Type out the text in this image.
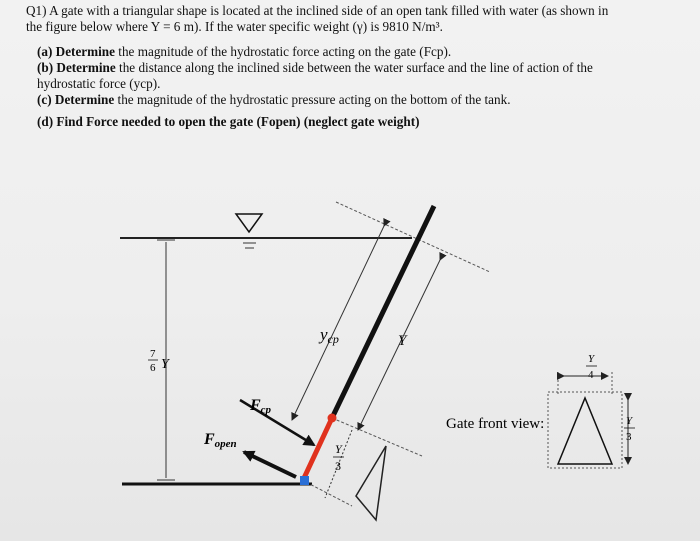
Q1) A gate with a triangular shape is located at the inclined side of an open tank filled with water (as shown in

the figure below where Y = 6 m). If the water specific weight (γ) is 9810 N/m³.

(a) Determine the magnitude of the hydrostatic force acting on the gate (Fcp).

(b) Determine the distance along the inclined side between the water surface and the line of action of the

hydrostatic force (ycp).

(c) Determine the magnitude of the hydrostatic pressure acting on the bottom of the tank.

(d) Find Force needed to open the gate (Fopen) (neglect gate weight)

7
6 Y
ycp	Y
Fcp
Fopen	Y
3
Gate front view:
Y
4
Y
3
